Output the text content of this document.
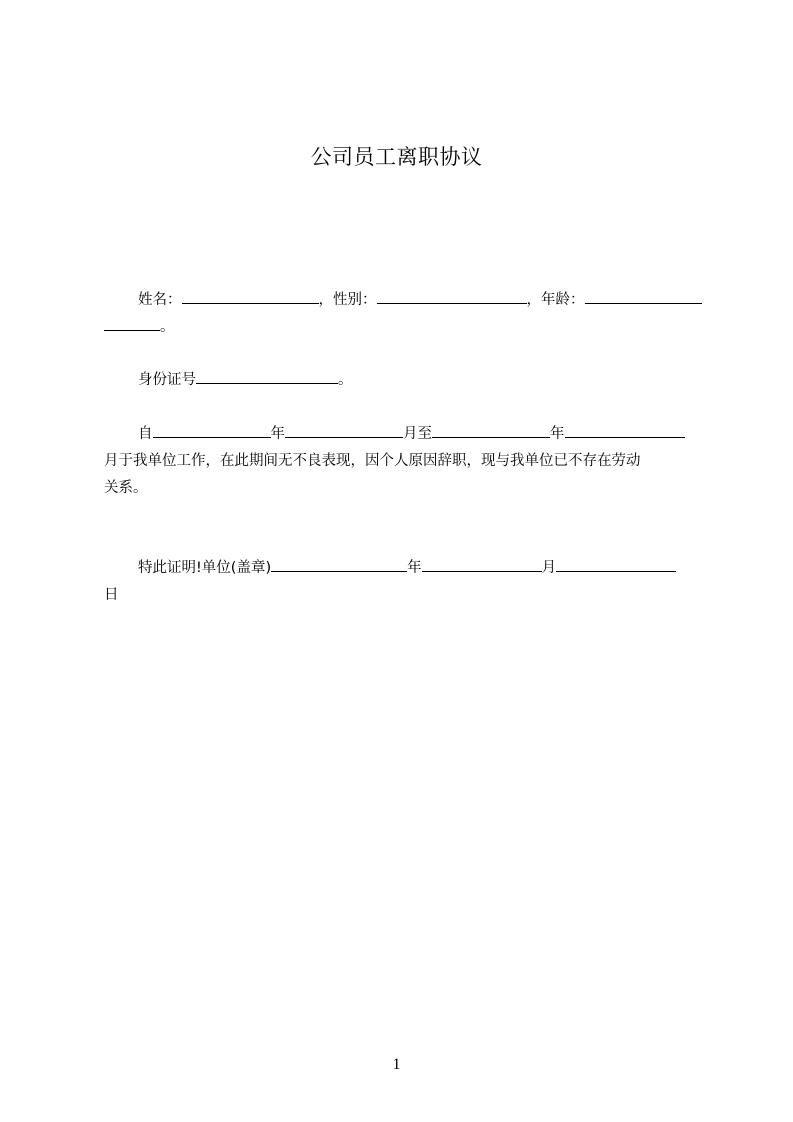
公司员工离职协议
姓名：	，性别：	，年龄：
。
身份证号	。
自	年	月至	年
月于我单位工作，在此期间无不良表现，因个人原因辞职，现与我单位已不存在劳动
关系。
特此证明!单位(盖章)	年	月
日
1
